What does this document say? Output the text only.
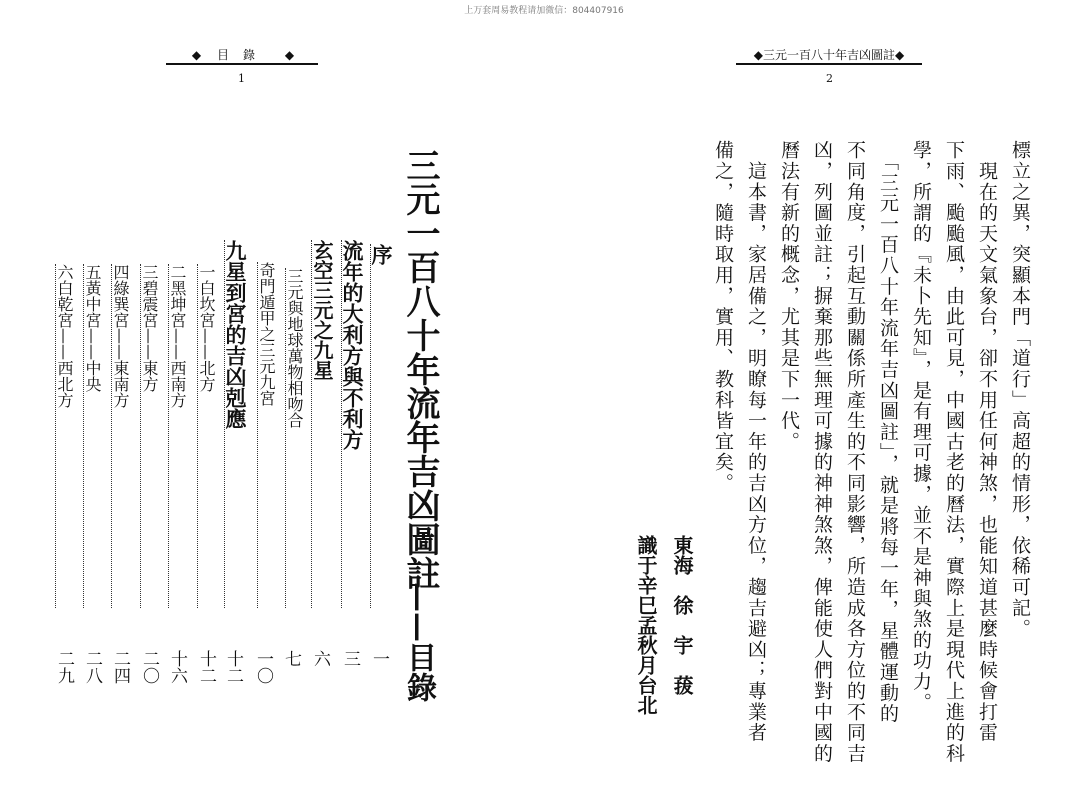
上万套周易教程请加微信：804407916
◆ 目錄 ◆
1
三元一百八十年流年吉凶圖註
——目錄
序
流年的大利方與不利方
玄空三元之九星
三元與地球萬物相吻合
奇門遁甲之三元九宮
九星到宮的吉凶剋應
一白坎宮——北方
二黑坤宮——西南方
三碧震宮——東方
四綠巽宮——東南方
五黃中宮——中央
六白乾宮——西北方
一
三
六
七
一〇
十二
十二
十六
二〇
二四
二八
二九
◆三元一百八十年吉凶圖註◆
2
標立之異，突顯本門「道行」高超的情形，依稀可記。
　現在的天文氣象台，卻不用任何神煞，也能知道甚麼時候會打雷
下雨、颱颱風，由此可見，中國古老的曆法，實際上是現代上進的科
學，所謂的『未卜先知』，是有理可據，並不是神與煞的功力。
　「三元一百八十年流年吉凶圖註」，就是將每一年，星體運動的
不同角度，引起互動關係所產生的不同影響，所造成各方位的不同吉
凶，列圖並註；摒棄那些無理可據的神神煞煞，俾能使人們對中國的
曆法有新的概念，尤其是下一代。
　這本書，家居備之，明瞭每一年的吉凶方位，趨吉避凶；專業者
備之，隨時取用，實用、教科皆宜矣。
東海　徐　宇　菝
識于辛巳孟秋月台北
